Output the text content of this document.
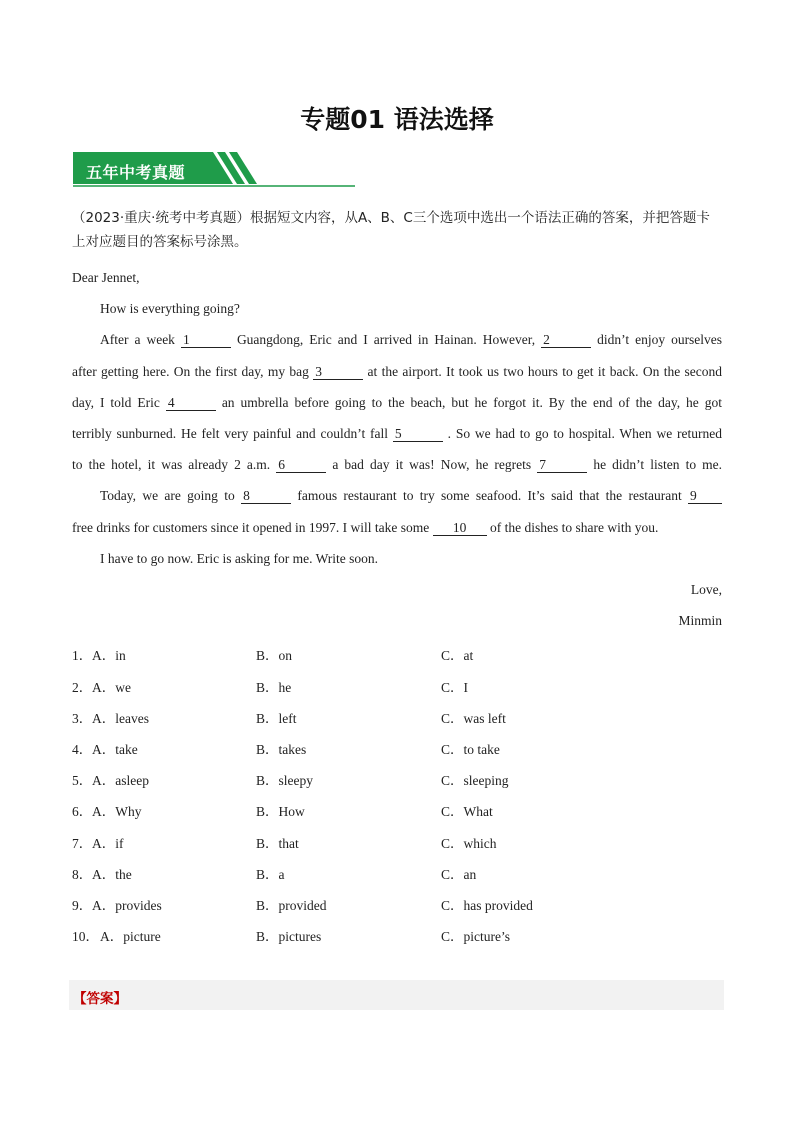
专题01 语法选择
五年中考真题
（2023·重庆·统考中考真题）根据短文内容，从A、B、C三个选项中选出一个语法正确的答案，并把答题卡上对应题目的答案标号涂黑。
Dear Jennet,
How is everything going?
After a week 1	Guangdong, Eric and I arrived in Hainan. However, 2	didn’t enjoy ourselves
after getting here. On the first day, my bag 3	at the airport. It took us two hours to get it back. On the second
day, I told Eric 4	an umbrella before going to the beach, but he forgot it. By the end of the day, he got
terribly sunburned. He felt very painful and couldn’t fall 5	. So we had to go to hospital. When we returned
to the hotel, it was already 2 a.m. 6	a bad day it was! Now, he regrets 7	he didn’t listen to me.
Today, we are going to 8	famous restaurant to try some seafood. It’s said that the restaurant 9
free drinks for customers since it opened in 1997. I will take some 10 of the dishes to share with you.
I have to go now. Eric is asking for me. Write soon.
Love,
Minmin
1． A．in	B．on	C．at
2． A．we	B．he	C．I
3． A．leaves	B．left	C．was left
4． A．take	B．takes	C．to take
5． A．asleep	B．sleepy	C．sleeping
6． A．Why	B．How	C．What
7． A．if	B．that	C．which
8． A．the	B．a	C．an
9． A．provides	B．provided	C．has provided
10． A．picture	B．pictures	C．picture’s
【答案】
